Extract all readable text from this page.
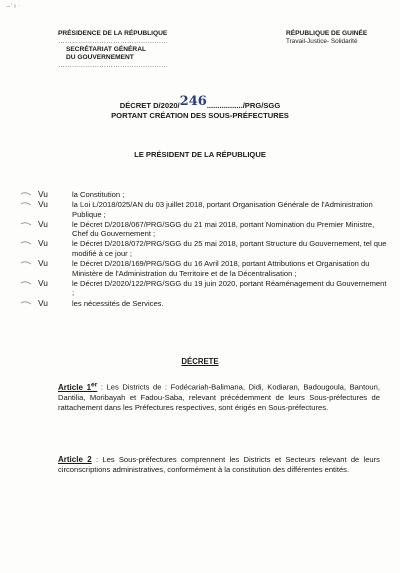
~ʼ ˢ ˑ
PRÉSIDENCE DE LA RÉPUBLIQUE
…………………………………………
SECRÉTARIAT GÉNÉRAL
DU GOUVERNEMENT
…………………………………………
RÉPUBLIQUE DE GUINÉE
Travail-Justice- Solidarité
DÉCRET D/2020/246................./PRG/SGG
PORTANT CRÉATION DES SOUS-PRÉFECTURES
LE PRÉSIDENT DE LA RÉPUBLIQUE
Vu	la Constitution ;
Vu	la Loi L/2018/025/AN du 03 juillet 2018, portant Organisation Générale de l'Administration Publique ;
Vu	le Décret D/2018/067/PRG/SGG du 21 mai 2018, portant Nomination du Premier Ministre, Chef du Gouvernement ;
Vu	le Décret D/2018/072/PRG/SGG du 25 mai 2018, portant Structure du Gouvernement, tel que modifié à ce jour ;
Vu	le Décret D/2018/169/PRG/SGG du 16 Avril 2018, portant Attributions et Organisation du Ministère de l'Administration du Territoire et de la Décentralisation ;
Vu	le Décret D/2020/122/PRG/SGG du 19 juin 2020, portant Réaménagement du Gouvernement ;
Vu	les nécessités de Services.
DÉCRETE
Article 1er : Les Districts de : Fodécariah-Balimana, Didi, Kodiaran, Badougoula, Bantoun, Dantilia, Moribayah et Fadou-Saba, relevant précédemment de leurs Sous-préfectures de rattachement dans les Préfectures respectives, sont érigés en Sous-préfectures.
Article 2 : Les Sous-préfectures comprennent les Districts et Secteurs relevant de leurs circonscriptions administratives, conformément à la constitution des différentes entités.
